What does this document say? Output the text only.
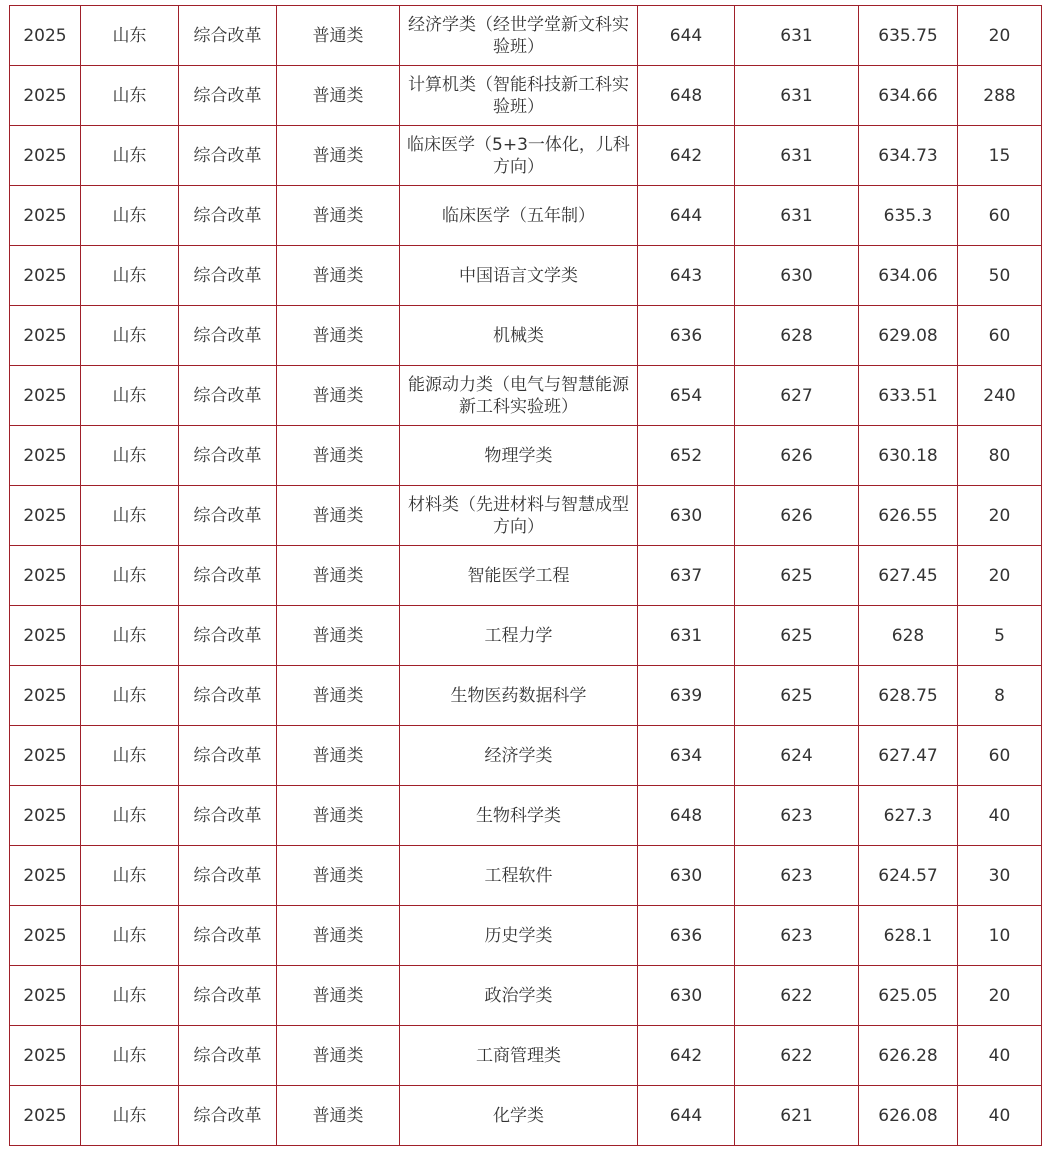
2025	山东	综合改革	普通类	经济学类（经世学堂新文科实验班）	644	631	635.75	20
2025	山东	综合改革	普通类	计算机类（智能科技新工科实验班）	648	631	634.66	288
2025	山东	综合改革	普通类	临床医学（5+3一体化，儿科方向）	642	631	634.73	15
2025	山东	综合改革	普通类	临床医学（五年制）	644	631	635.3	60
2025	山东	综合改革	普通类	中国语言文学类	643	630	634.06	50
2025	山东	综合改革	普通类	机械类	636	628	629.08	60
2025	山东	综合改革	普通类	能源动力类（电气与智慧能源新工科实验班）	654	627	633.51	240
2025	山东	综合改革	普通类	物理学类	652	626	630.18	80
2025	山东	综合改革	普通类	材料类（先进材料与智慧成型方向）	630	626	626.55	20
2025	山东	综合改革	普通类	智能医学工程	637	625	627.45	20
2025	山东	综合改革	普通类	工程力学	631	625	628	5
2025	山东	综合改革	普通类	生物医药数据科学	639	625	628.75	8
2025	山东	综合改革	普通类	经济学类	634	624	627.47	60
2025	山东	综合改革	普通类	生物科学类	648	623	627.3	40
2025	山东	综合改革	普通类	工程软件	630	623	624.57	30
2025	山东	综合改革	普通类	历史学类	636	623	628.1	10
2025	山东	综合改革	普通类	政治学类	630	622	625.05	20
2025	山东	综合改革	普通类	工商管理类	642	622	626.28	40
2025	山东	综合改革	普通类	化学类	644	621	626.08	40
